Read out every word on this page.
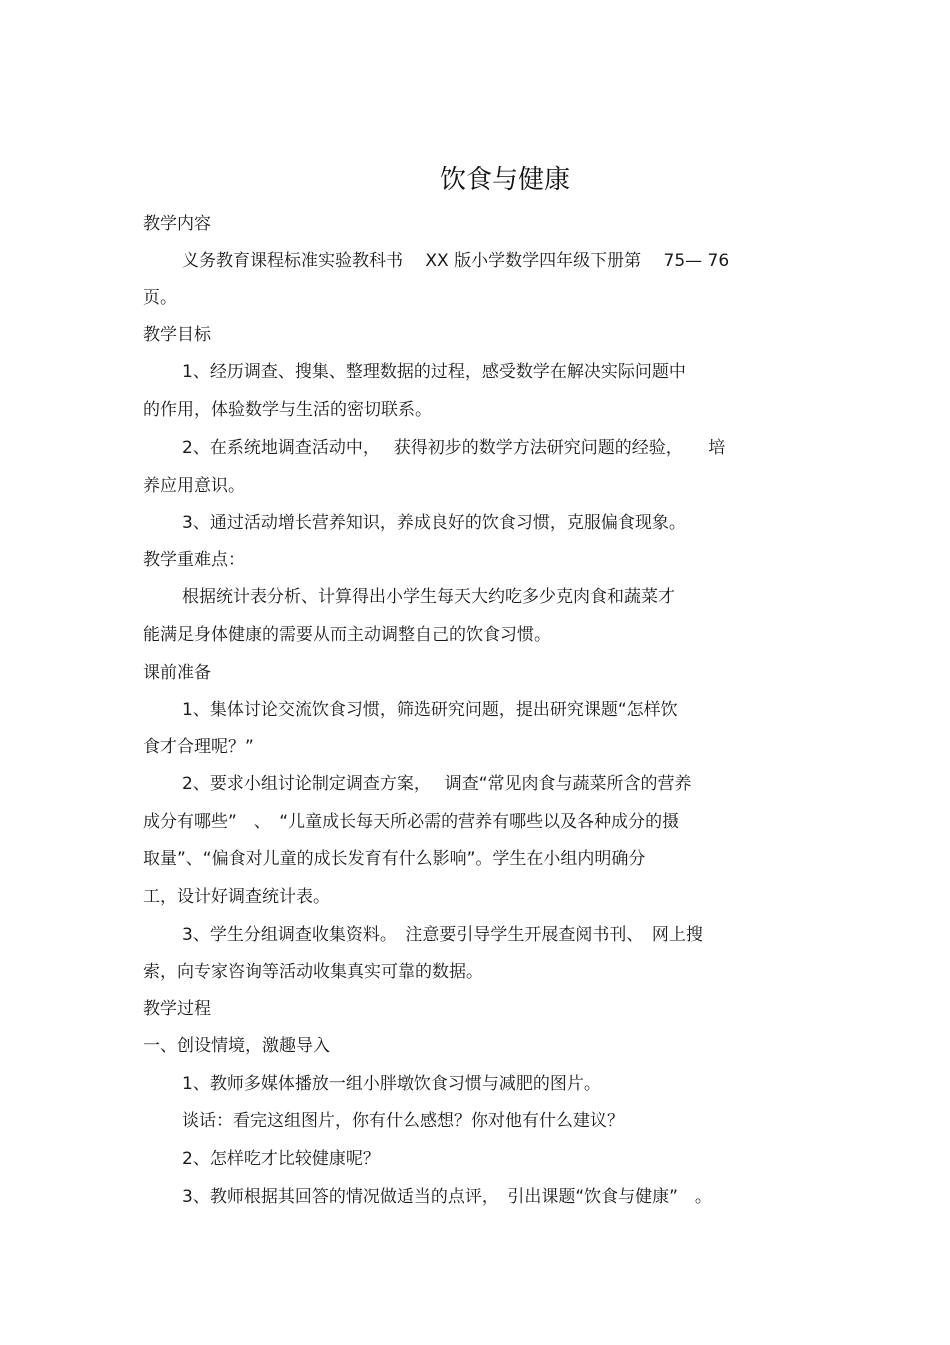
饮食与健康
教学内容
义务教育课程标准实验教科书　 XX 版小学数学四年级下册第　 75— 76
页。
教学目标
1、经历调查、搜集、整理数据的过程，感受数学在解决实际问题中
的作用，体验数学与生活的密切联系。
2、在系统地调查活动中，　 获得初步的数学方法研究问题的经验，　　培
养应用意识。
3、通过活动增长营养知识，养成良好的饮食习惯，克服偏食现象。
教学重难点：
根据统计表分析、计算得出小学生每天大约吃多少克肉食和蔬菜才
能满足身体健康的需要从而主动调整自己的饮食习惯。
课前准备
1、集体讨论交流饮食习惯，筛选研究问题，提出研究课题“怎样饮
食才合理呢？”
2、要求小组讨论制定调查方案，　 调查“常见肉食与蔬菜所含的营养
成分有哪些”　、　“儿童成长每天所必需的营养有哪些以及各种成分的摄
取量”、“偏食对儿童的成长发育有什么影响”。学生在小组内明确分
工，设计好调查统计表。
3、学生分组调查收集资料。　注意要引导学生开展查阅书刊、　网上搜
索，向专家咨询等活动收集真实可靠的数据。
教学过程
一、创设情境，激趣导入
1、教师多媒体播放一组小胖墩饮食习惯与减肥的图片。
谈话：看完这组图片，你有什么感想？你对他有什么建议？
2、怎样吃才比较健康呢？
3、教师根据其回答的情况做适当的点评，　引出课题“饮食与健康”　。
